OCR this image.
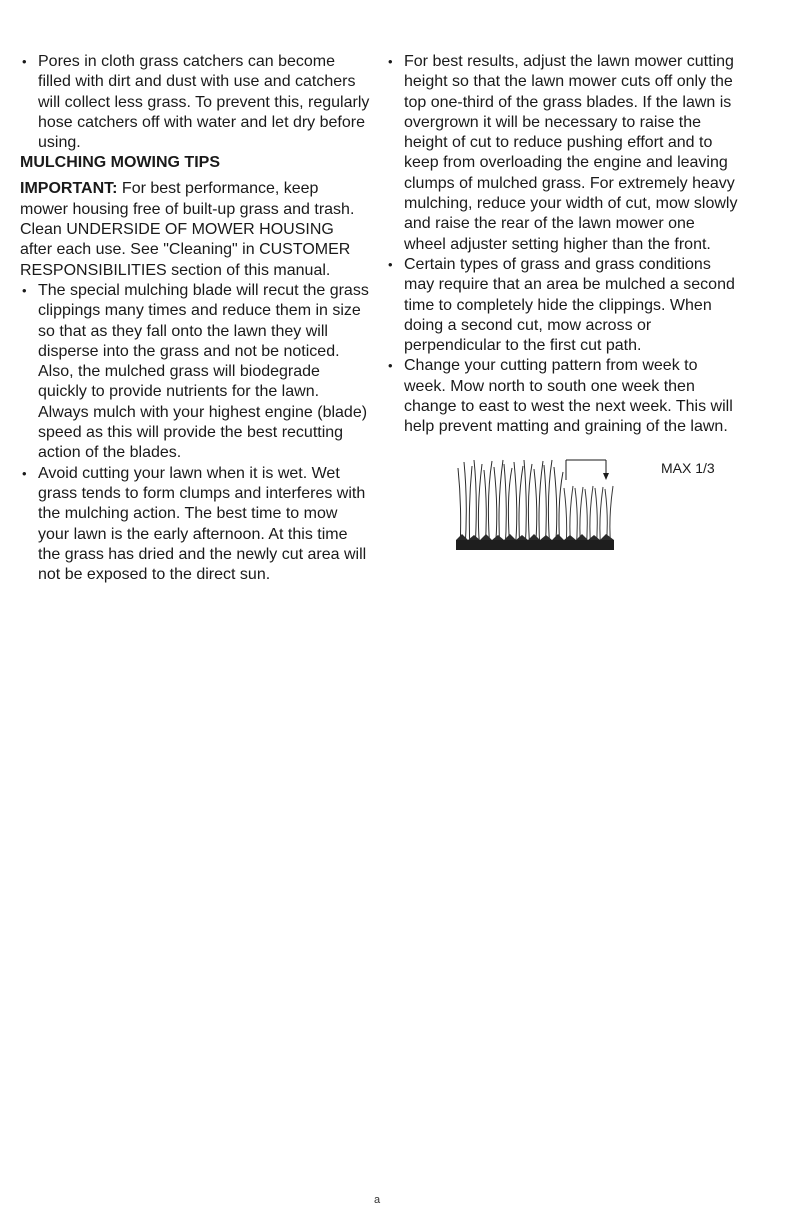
• Pores in cloth grass catchers can become filled with dirt and dust with use and catchers will collect less grass. To prevent this, regularly hose catchers off with water and let dry before using.
MULCHING MOWING TIPS

IMPORTANT: For best performance, keep mower housing free of built-up grass and trash. Clean UNDERSIDE OF MOWER HOUSING after each use. See "Cleaning" in CUSTOMER RESPONSIBILITIES section of this manual.

• The special mulching blade will recut the grass clippings many times and reduce them in size so that as they fall onto the lawn they will disperse into the grass and not be noticed. Also, the mulched grass will biodegrade quickly to provide nutrients for the lawn. Always mulch with your highest engine (blade) speed as this will provide the best recutting action of the blades.
• Avoid cutting your lawn when it is wet. Wet grass tends to form clumps and interferes with the mulching action. The best time to mow your lawn is the early afternoon. At this time the grass has dried and the newly cut area will not be exposed to the direct sun.
• For best results, adjust the lawn mower cutting height so that the lawn mower cuts off only the top one-third of the grass blades. If the lawn is overgrown it will be necessary to raise the height of cut to reduce pushing effort and to keep from overloading the engine and leaving clumps of mulched grass. For extremely heavy mulching, reduce your width of cut, mow slowly and raise the rear of the lawn mower one wheel adjuster setting higher than the front.
• Certain types of grass and grass conditions may require that an area be mulched a second time to completely hide the clippings. When doing a second cut, mow across or perpendicular to the first cut path.
• Change your cutting pattern from week to week. Mow north to south one week then change to east to west the next week. This will help prevent matting and graining of the lawn.
MAX 1/3
a
